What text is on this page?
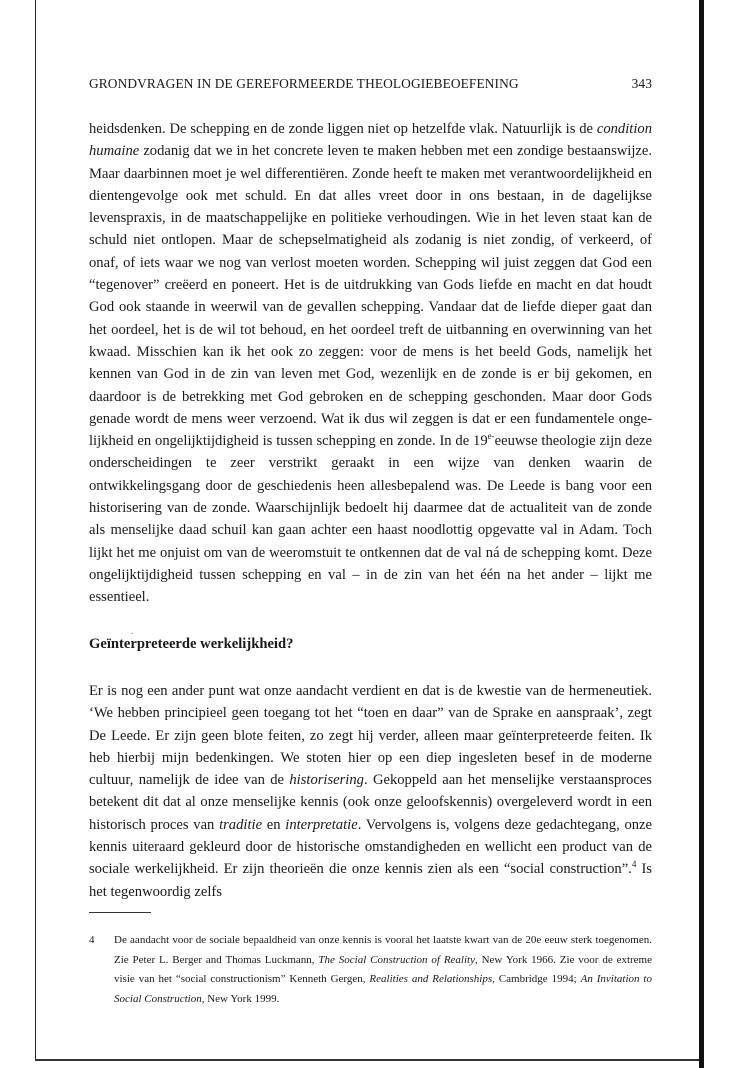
GRONDVRAGEN IN DE GEREFORMEERDE THEOLOGIEBEOEFENING	343

heidsdenken. De schepping en de zonde liggen niet op hetzelfde vlak. Natuurlijk is de condition humaine zodanig dat we in het concrete leven te maken hebben met een zondige bestaanswijze. Maar daarbinnen moet je wel differentiëren. Zonde heeft te maken met verantwoordelijkheid en dientengevolge ook met schuld. En dat alles vreet door in ons bestaan, in de dagelijkse levenspraxis, in de maatschappelijke en politieke verhoudingen. Wie in het leven staat kan de schuld niet ontlopen. Maar de schepselmatigheid als zodanig is niet zondig, of verkeerd, of onaf, of iets waar we nog van verlost moeten worden. Schepping wil juist zeggen dat God een “tegenover” creëerd en poneert. Het is de uitdrukking van Gods liefde en macht en dat houdt God ook staande in weerwil van de gevallen schepping. Vandaar dat de liefde dieper gaat dan het oordeel, het is de wil tot behoud, en het oordeel treft de uitbanning en overwinning van het kwaad. Misschien kan ik het ook zo zeggen: voor de mens is het beeld Gods, namelijk het kennen van God in de zin van leven met God, wezenlijk en de zonde is er bij gekomen, en daardoor is de betrekking met God gebroken en de schepping geschonden. Maar door Gods genade wordt de mens weer verzoend. Wat ik dus wil zeggen is dat er een fundamentele ongelijkheid en ongelijktijdigheid is tussen schepping en zonde. In de $19^{e-}eeuwse$ theologie zijn deze onderscheidingen te zeer verstrikt geraakt in een wijze van denken waarin de ontwikkelingsgang door de geschiedenis heen allesbepalend was. De Leede is bang voor een historisering van de zonde. Waarschijnlijk bedoelt hij daarmee dat de actualiteit van de zonde als menselijke daad schuil kan gaan achter een haast noodlottig opgevatte val in Adam. Toch lijkt het me onjuist om van de weeromstuit te ontkennen dat de val ná de schepping komt. Deze ongelijktijdigheid tussen schepping en val – in de zin van het één na het ander – lijkt me essentieel.

.
Geïnterpreteerde werkelijkheid?

Er is nog een ander punt wat onze aandacht verdient en dat is de kwestie van de hermeneutiek. ‘We hebben principieel geen toegang tot het “toen en daar” van de Sprake en aanspraak’, zegt De Leede. Er zijn geen blote feiten, zo zegt hij verder, alleen maar geïnterpreteerde feiten. Ik heb hierbij mijn bedenkingen. We stoten hier op een diep ingesleten besef in de moderne cultuur, namelijk de idee van de historisering. Gekoppeld aan het menselijke verstaansproces betekent dit dat al onze menselijke kennis (ook onze geloofskennis) overgeleverd wordt in een historisch proces van traditie en interpretatie. Vervolgens is, volgens deze gedachtegang, onze kennis uiteraard gekleurd door de historische omstandigheden en wellicht een product van de sociale werkelijkheid. Er zijn theorieën die onze kennis zien als een “social construction”.$^4$ Is het tegenwoordig zelfs

4 De aandacht voor de sociale bepaaldheid van onze kennis is vooral het laatste kwart van de 20e eeuw sterk toegenomen. Zie Peter L. Berger and Thomas Luckmann, The Social Construction of Reality, New York 1966. Zie voor de extreme visie van het “social constructionism” Kenneth Gergen, Realities and Relationships, Cambridge 1994; An Invitation to Social Construction, New York 1999.
